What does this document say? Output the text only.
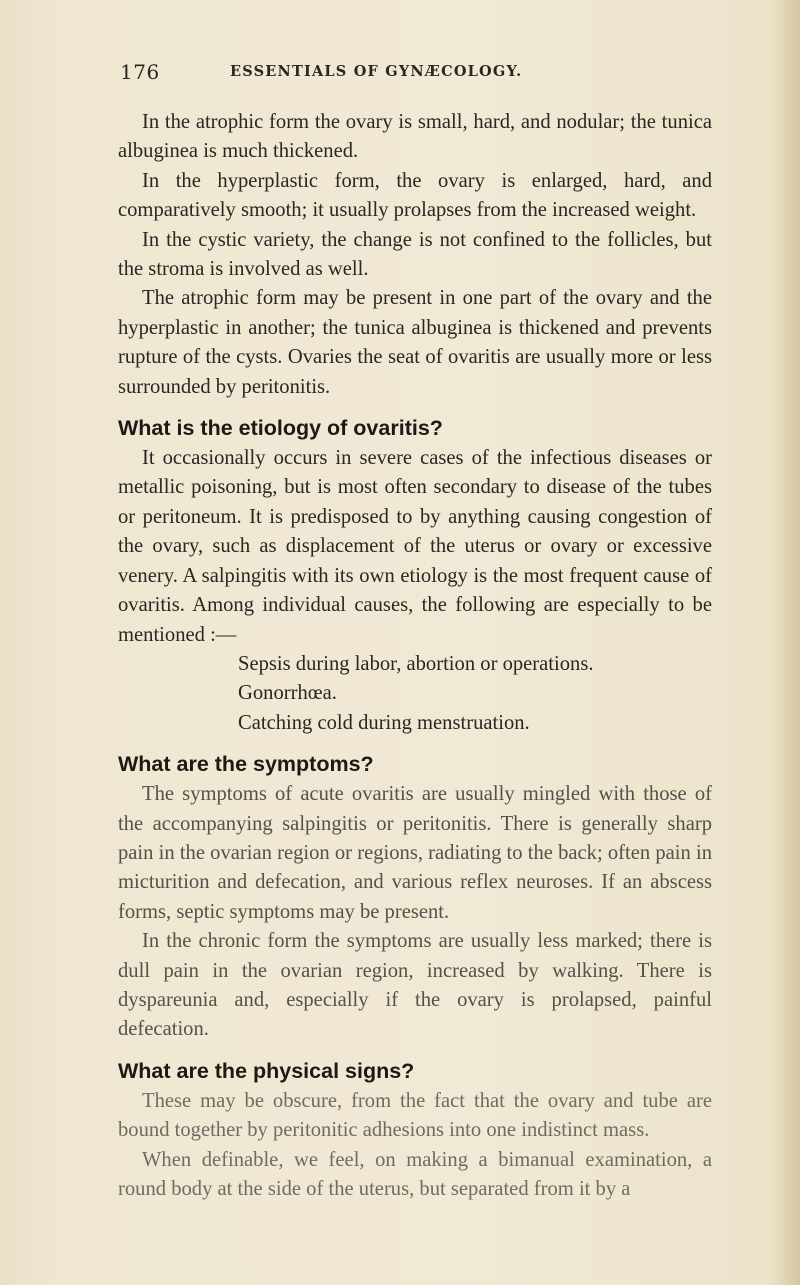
176	ESSENTIALS OF GYNÆCOLOGY.

In the atrophic form the ovary is small, hard, and nodular; the tunica albuginea is much thickened.

In the hyperplastic form, the ovary is enlarged, hard, and comparatively smooth; it usually prolapses from the increased weight.

In the cystic variety, the change is not confined to the follicles, but the stroma is involved as well.

The atrophic form may be present in one part of the ovary and the hyperplastic in another; the tunica albuginea is thickened and prevents rupture of the cysts. Ovaries the seat of ovaritis are usually more or less surrounded by peritonitis.

What is the etiology of ovaritis?

It occasionally occurs in severe cases of the infectious diseases or metallic poisoning, but is most often secondary to disease of the tubes or peritoneum. It is predisposed to by anything causing congestion of the ovary, such as displacement of the uterus or ovary or excessive venery. A salpingitis with its own etiology is the most frequent cause of ovaritis. Among individual causes, the following are especially to be mentioned :—

Sepsis during labor, abortion or operations.

Gonorrhœa.

Catching cold during menstruation.

What are the symptoms?

The symptoms of acute ovaritis are usually mingled with those of the accompanying salpingitis or peritonitis. There is generally sharp pain in the ovarian region or regions, radiating to the back; often pain in micturition and defecation, and various reflex neuroses. If an abscess forms, septic symptoms may be present.

In the chronic form the symptoms are usually less marked; there is dull pain in the ovarian region, increased by walking. There is dyspareunia and, especially if the ovary is prolapsed, painful defecation.

What are the physical signs?

These may be obscure, from the fact that the ovary and tube are bound together by peritonitic adhesions into one indistinct mass.

When definable, we feel, on making a bimanual examination, a round body at the side of the uterus, but separated from it by a
